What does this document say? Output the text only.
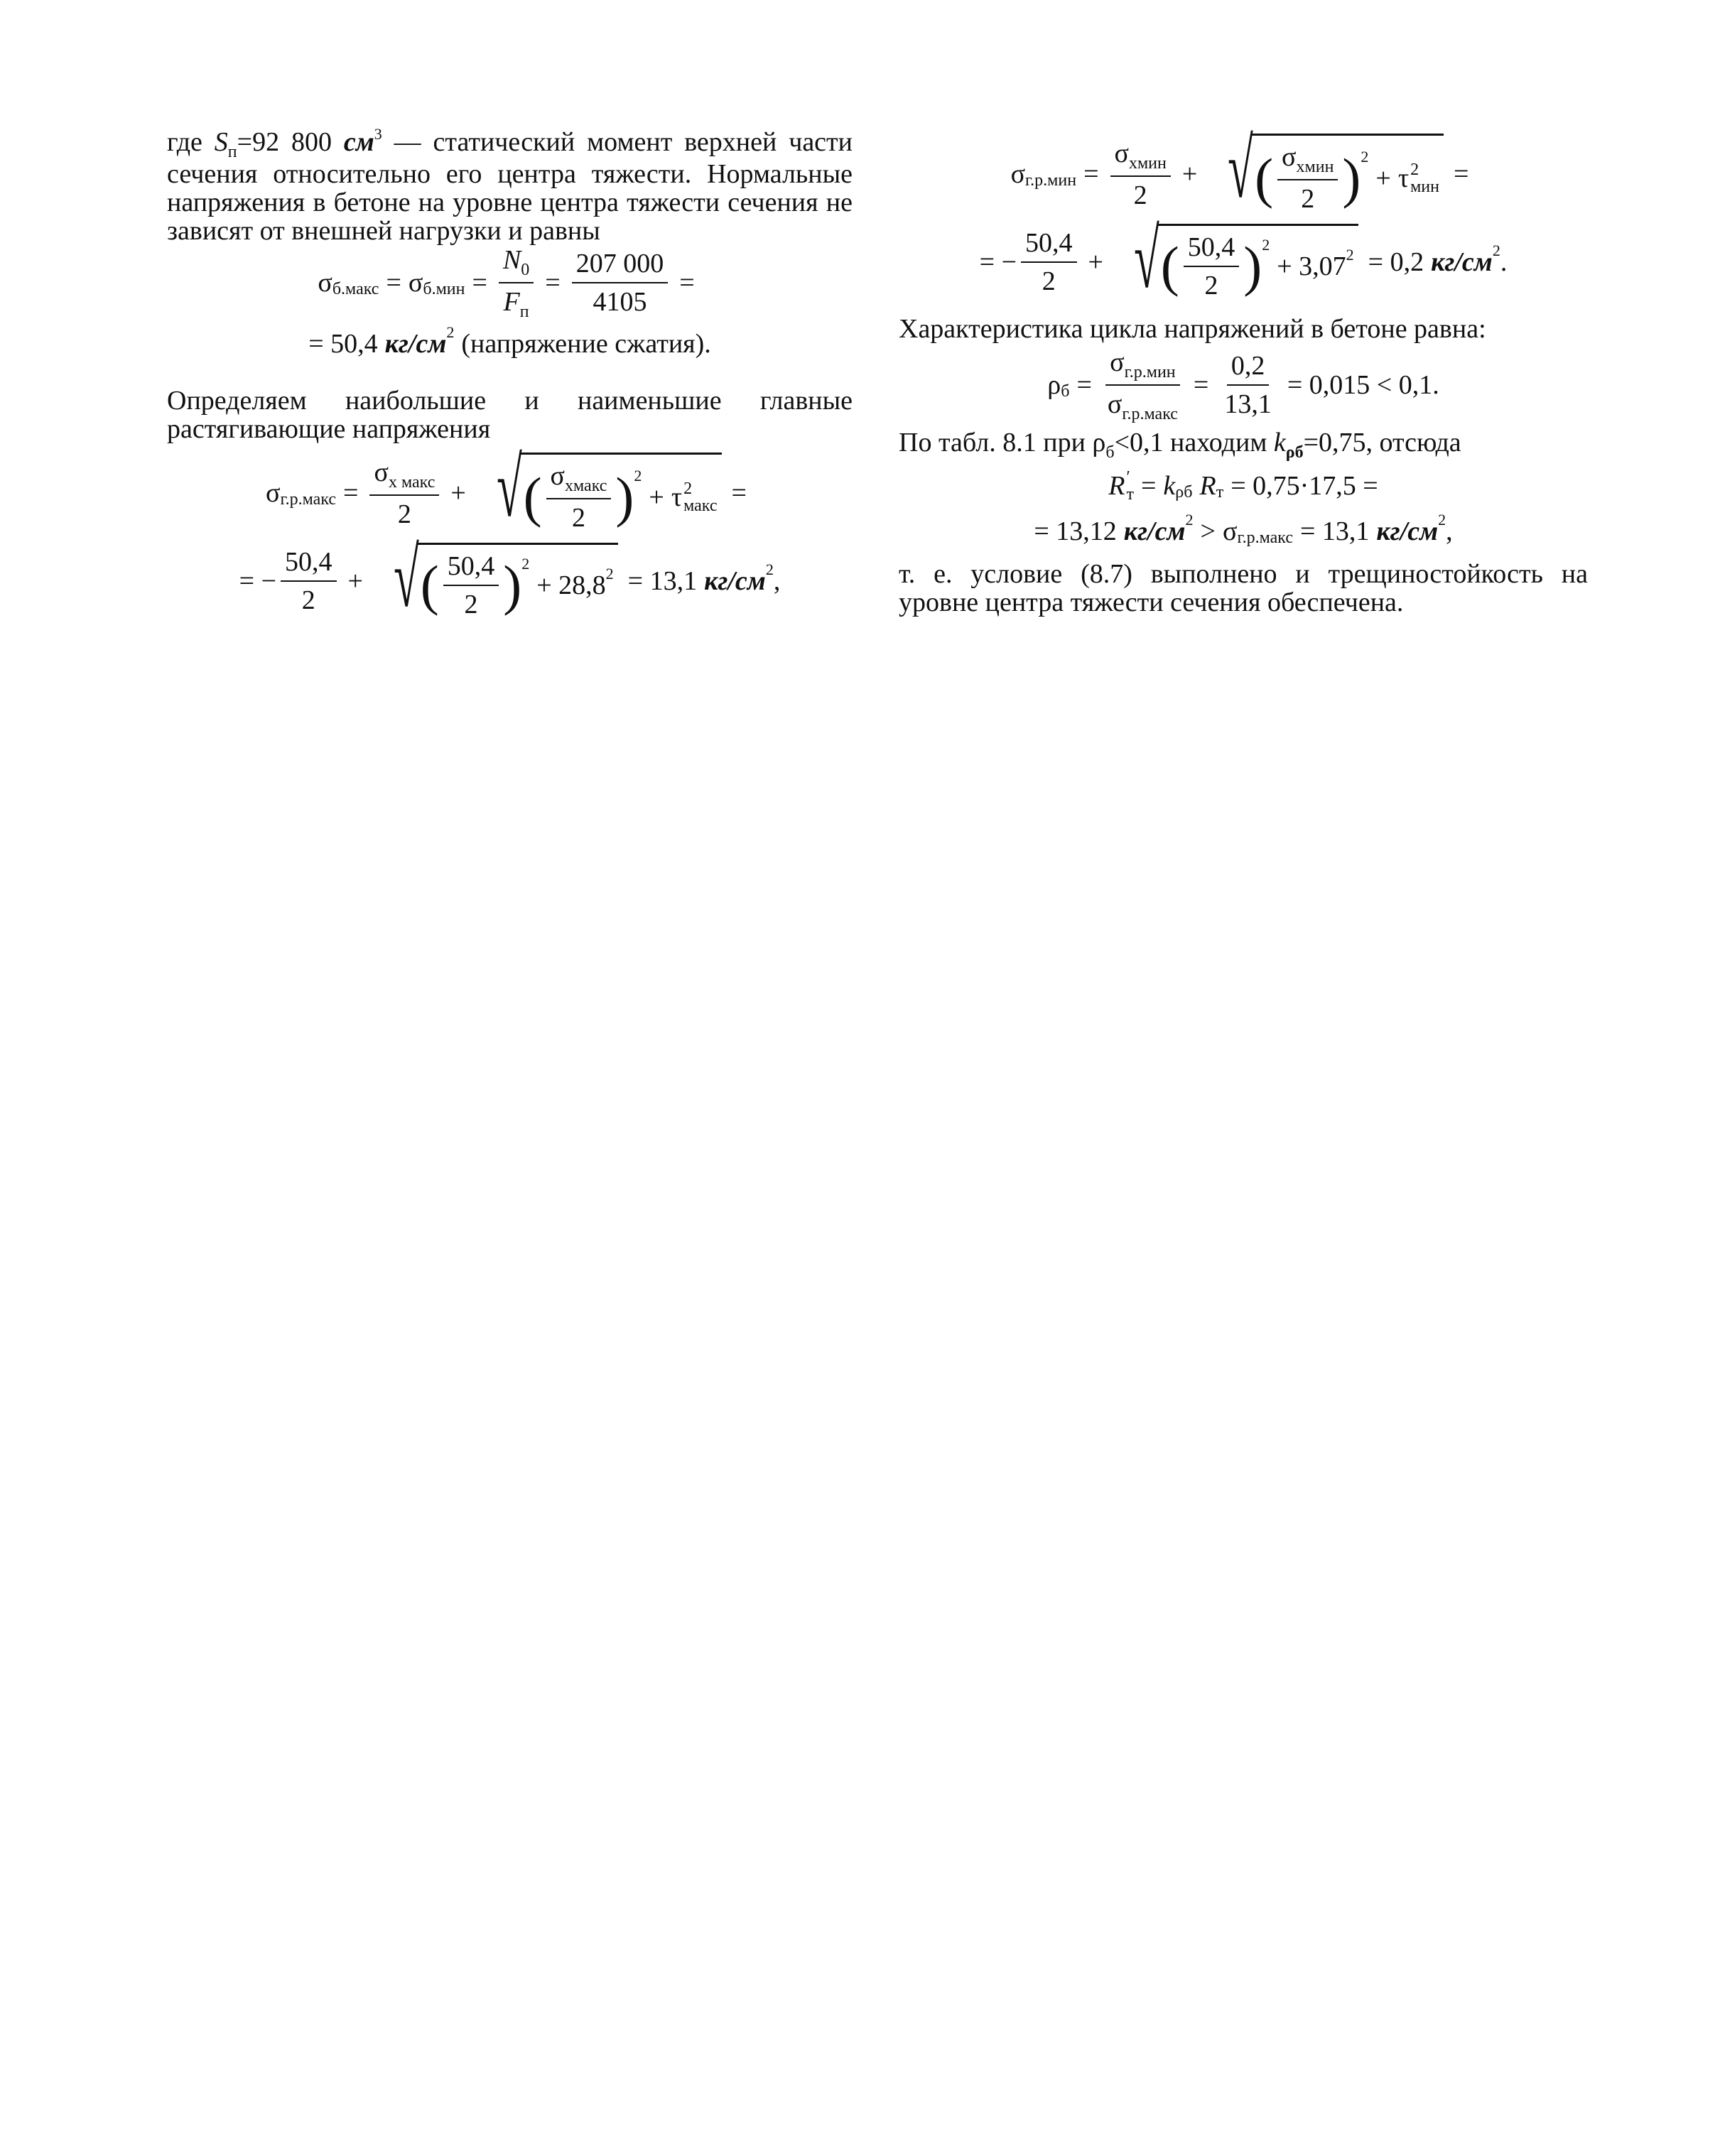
где $S_п=92$ 800 $см^3$ — статический момент верхней части сечения относительно его центра тяжести. Нормальные напряжения в бетоне на уровне центра тяжести сечения не зависят от внешней нагрузки и равны

σ б.макс = σ $б.мин = \frac{N_0}{F_п} = \frac{207 000}{4105}$ =
= 50,4 кг/см 2 (напряжение сжатия).

Определяем наибольшие и наименьшие главные растягивающие напряжения

σ г.р.макс = $\frac{\sigma_{x макс}}{2}$ + √ ( $\frac{\sigma_{xмакс}}{2}$ ) 2
+ τ 2
макс =
= − $\frac{50,4}{2}$ + √ ( $\frac{50,4}{2}$ ) 2
+ 28,8 2 = 13,1 кг/см 2 ,
σ $г.р.мин = \frac{\sigma_{xмин}}{2}$ + √ ( $\frac{\sigma_{xмин}}{2}$ ) 2
+ τ 2
мин =
= − $\frac{50,4}{2}$ + √ ( $\frac{50,4}{2}$ ) 2
+ 3,07 2 = 0,2 кг/см 2 .

Характеристика цикла напряжений в бетоне равна:

ρ $б = \frac{\sigma_{г.р.мин}}{\sigma_{г.р.макс}} = \frac{0,2}{13,1} = 0,015 < 0,1$.

По табл. 8.1 при $\rho_б<0,1$ находим $k_{\rho б}=0,75$, отсюда

R ′
т = k ρб R т = 0,75·17,5 =
= 13,12 кг/см 2 > σ г.р.макс = 13,1 кг/см 2 ,

т. е. условие (8.7) выполнено и трещиностойкость на уровне центра тяжести сечения обеспечена.
